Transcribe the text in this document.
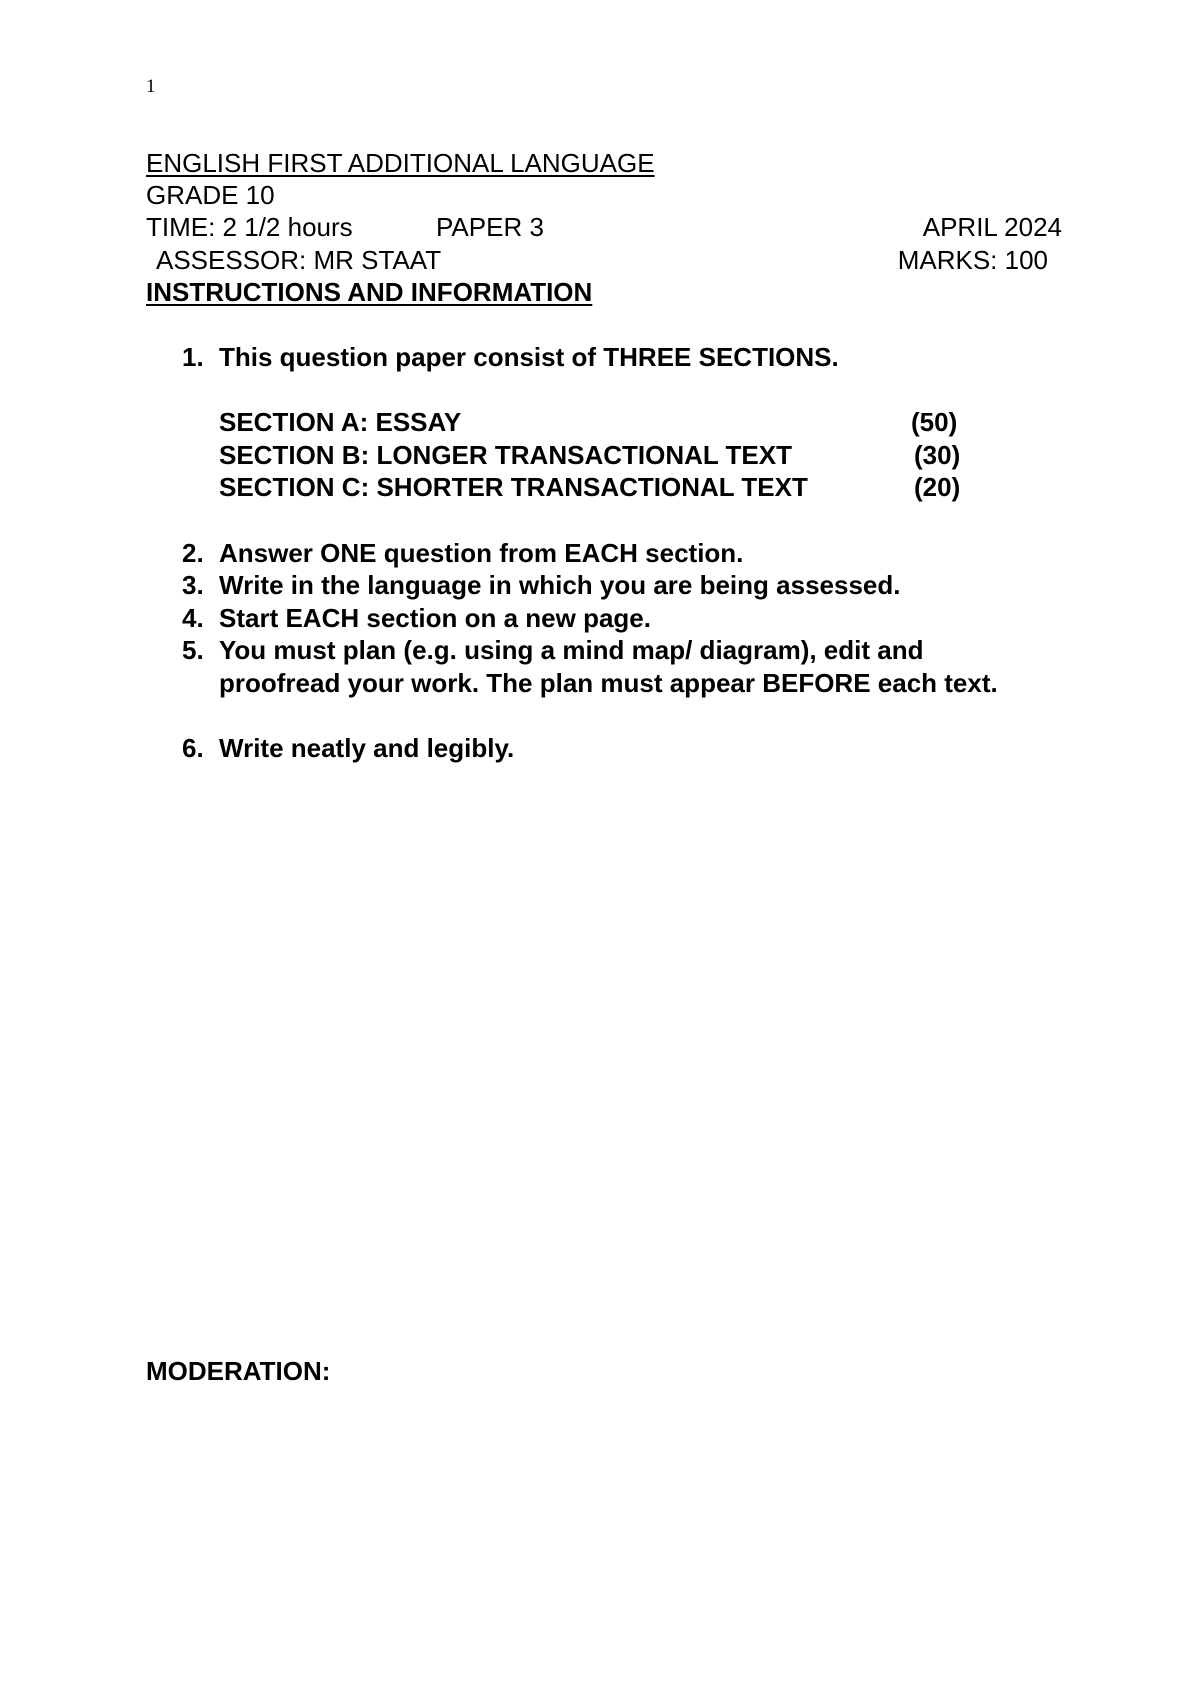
1
ENGLISH FIRST ADDITIONAL LANGUAGE
GRADE 10
TIME: 2 1/2 hours	PAPER 3	APRIL 2024
ASSESSOR: MR STAAT	MARKS: 100
INSTRUCTIONS AND INFORMATION
1. This question paper consist of THREE SECTIONS.
SECTION A: ESSAY	(50)
SECTION B: LONGER TRANSACTIONAL TEXT	(30)
SECTION C: SHORTER TRANSACTIONAL TEXT	(20)
2. Answer ONE question from EACH section.
3. Write in the language in which you are being assessed.
4. Start EACH section on a new page.
5. You must plan (e.g. using a mind map/ diagram), edit and proofread your work. The plan must appear BEFORE each text.
6. Write neatly and legibly.
MODERATION:
